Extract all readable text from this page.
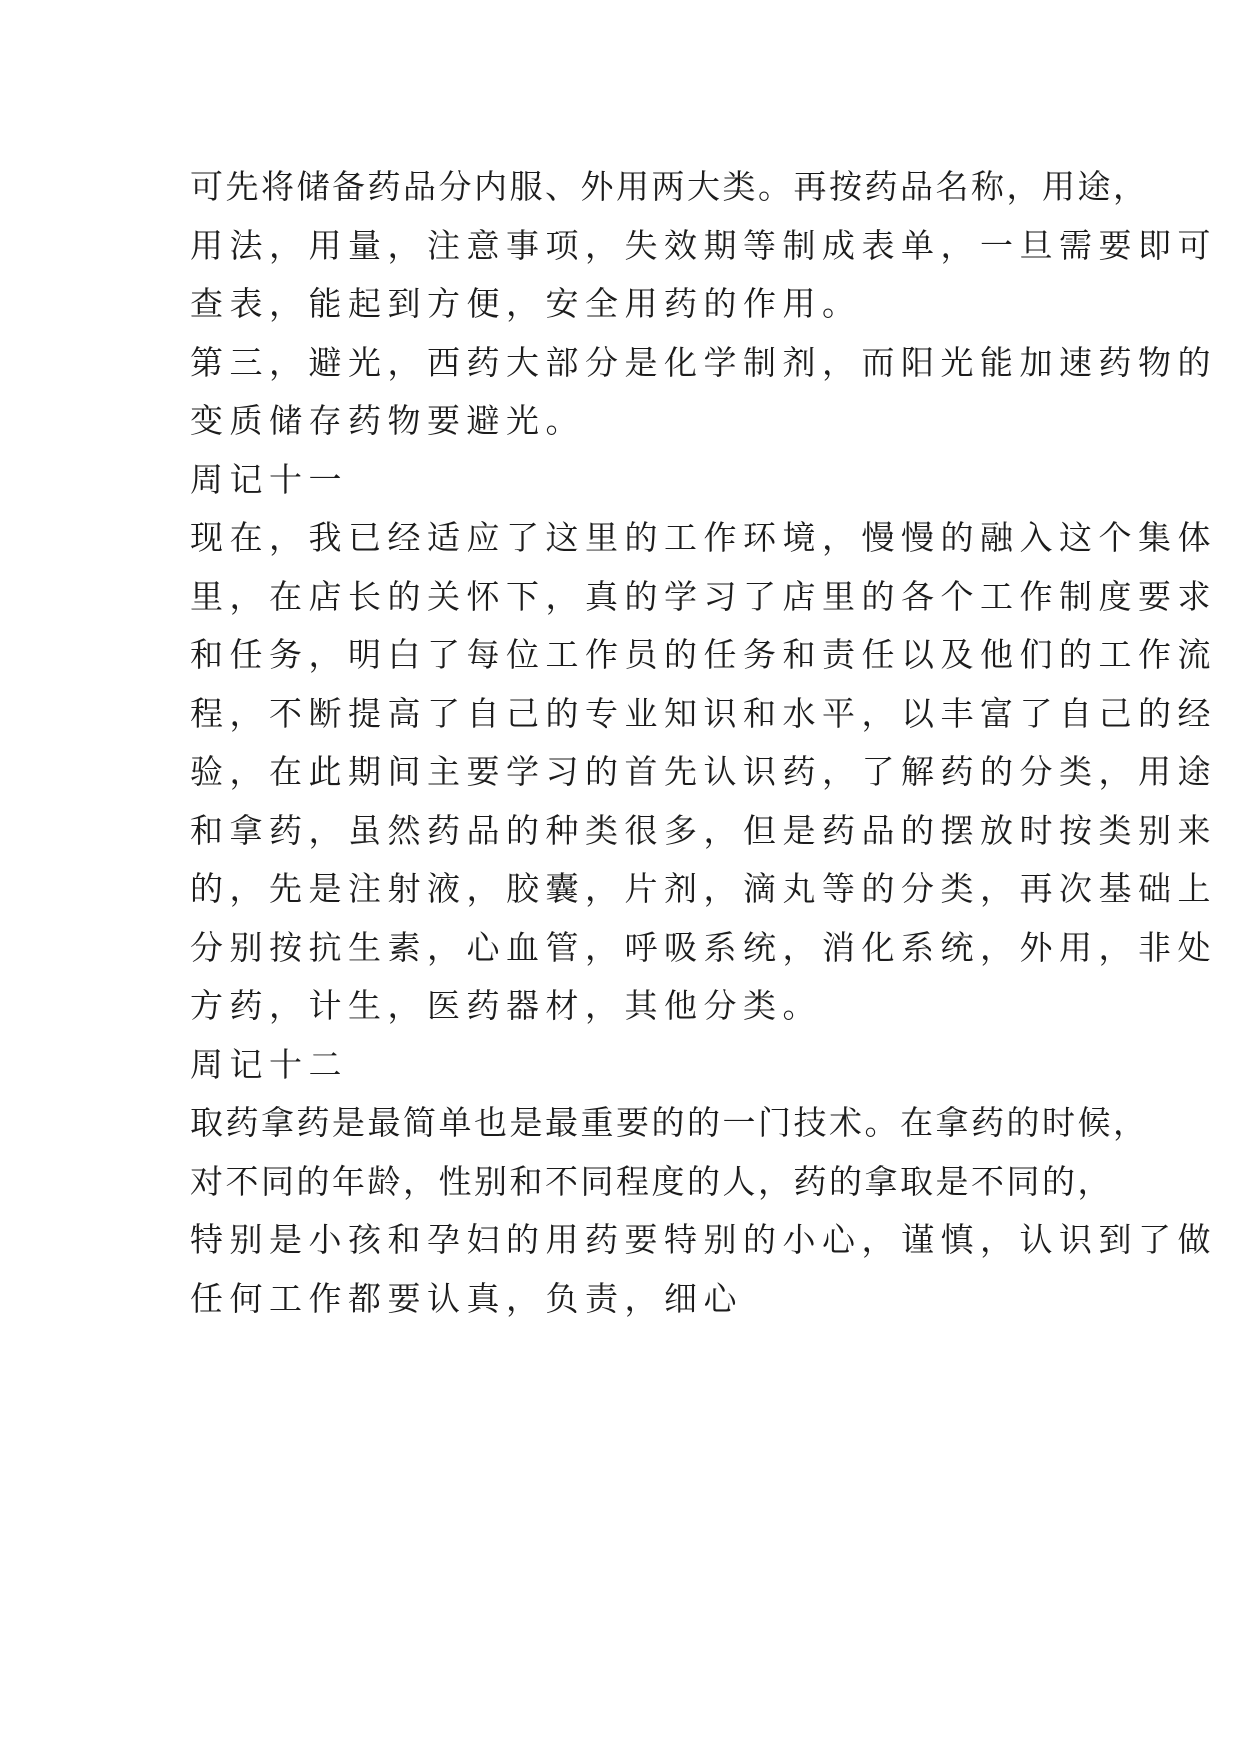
可先将储备药品分内服、外用两大类。再按药品名称，用途，
用法，用量，注意事项，失效期等制成表单，一旦需要即可
查表，能起到方便，安全用药的作用。
第三，避光，西药大部分是化学制剂，而阳光能加速药物的
变质储存药物要避光。
周记十一
现在，我已经适应了这里的工作环境，慢慢的融入这个集体
里，在店长的关怀下，真的学习了店里的各个工作制度要求
和任务，明白了每位工作员的任务和责任以及他们的工作流
程，不断提高了自己的专业知识和水平，以丰富了自己的经
验，在此期间主要学习的首先认识药，了解药的分类，用途
和拿药，虽然药品的种类很多，但是药品的摆放时按类别来
的，先是注射液，胶囊，片剂，滴丸等的分类，再次基础上
分别按抗生素，心血管，呼吸系统，消化系统，外用，非处
方药，计生，医药器材，其他分类。
周记十二
取药拿药是最简单也是最重要的的一门技术。在拿药的时候，
对不同的年龄，性别和不同程度的人，药的拿取是不同的，
特别是小孩和孕妇的用药要特别的小心，谨慎，认识到了做
任何工作都要认真，负责，细心
